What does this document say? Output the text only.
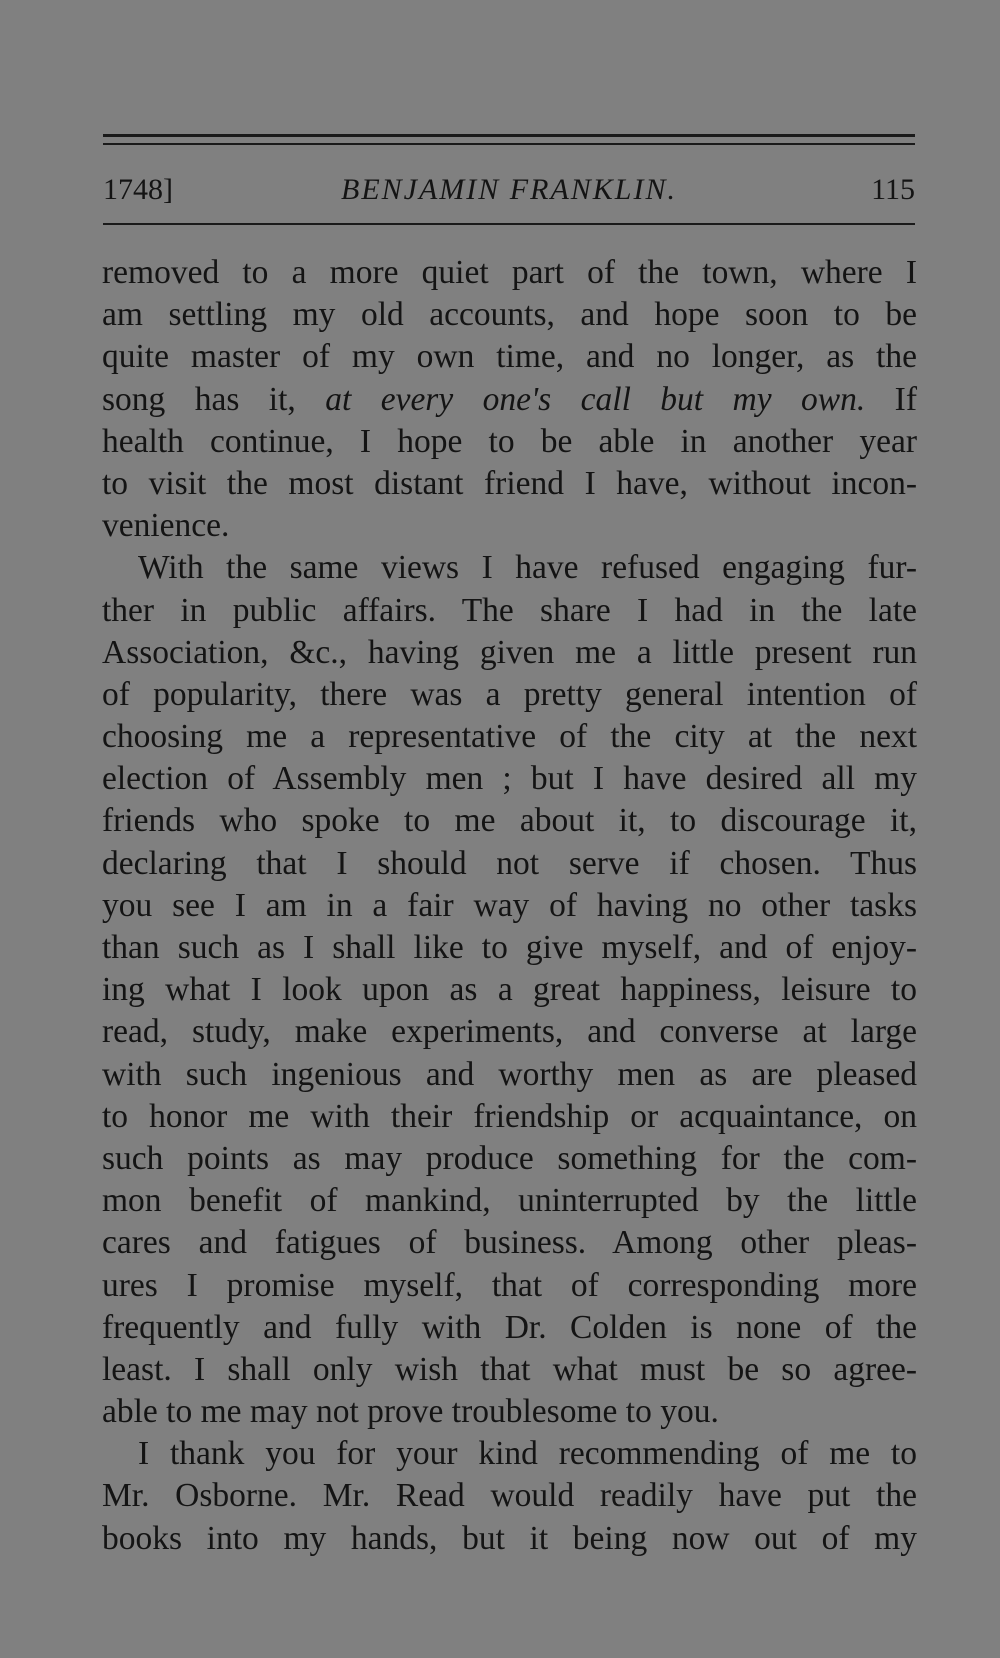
1748]	BENJAMIN FRANKLIN.	115
removed to a more quiet part of the town, where I
am settling my old accounts, and hope soon to be
quite master of my own time, and no longer, as the
song has it, at every one's call but my own. If
health continue, I hope to be able in another year
to visit the most distant friend I have, without incon-
venience.
With the same views I have refused engaging fur-
ther in public affairs. The share I had in the late
Association, &c., having given me a little present run
of popularity, there was a pretty general intention of
choosing me a representative of the city at the next
election of Assembly men ; but I have desired all my
friends who spoke to me about it, to discourage it,
declaring that I should not serve if chosen. Thus
you see I am in a fair way of having no other tasks
than such as I shall like to give myself, and of enjoy-
ing what I look upon as a great happiness, leisure to
read, study, make experiments, and converse at large
with such ingenious and worthy men as are pleased
to honor me with their friendship or acquaintance, on
such points as may produce something for the com-
mon benefit of mankind, uninterrupted by the little
cares and fatigues of business. Among other pleas-
ures I promise myself, that of corresponding more
frequently and fully with Dr. Colden is none of the
least. I shall only wish that what must be so agree-
able to me may not prove troublesome to you.
I thank you for your kind recommending of me to
Mr. Osborne. Mr. Read would readily have put the
books into my hands, but it being now out of my
